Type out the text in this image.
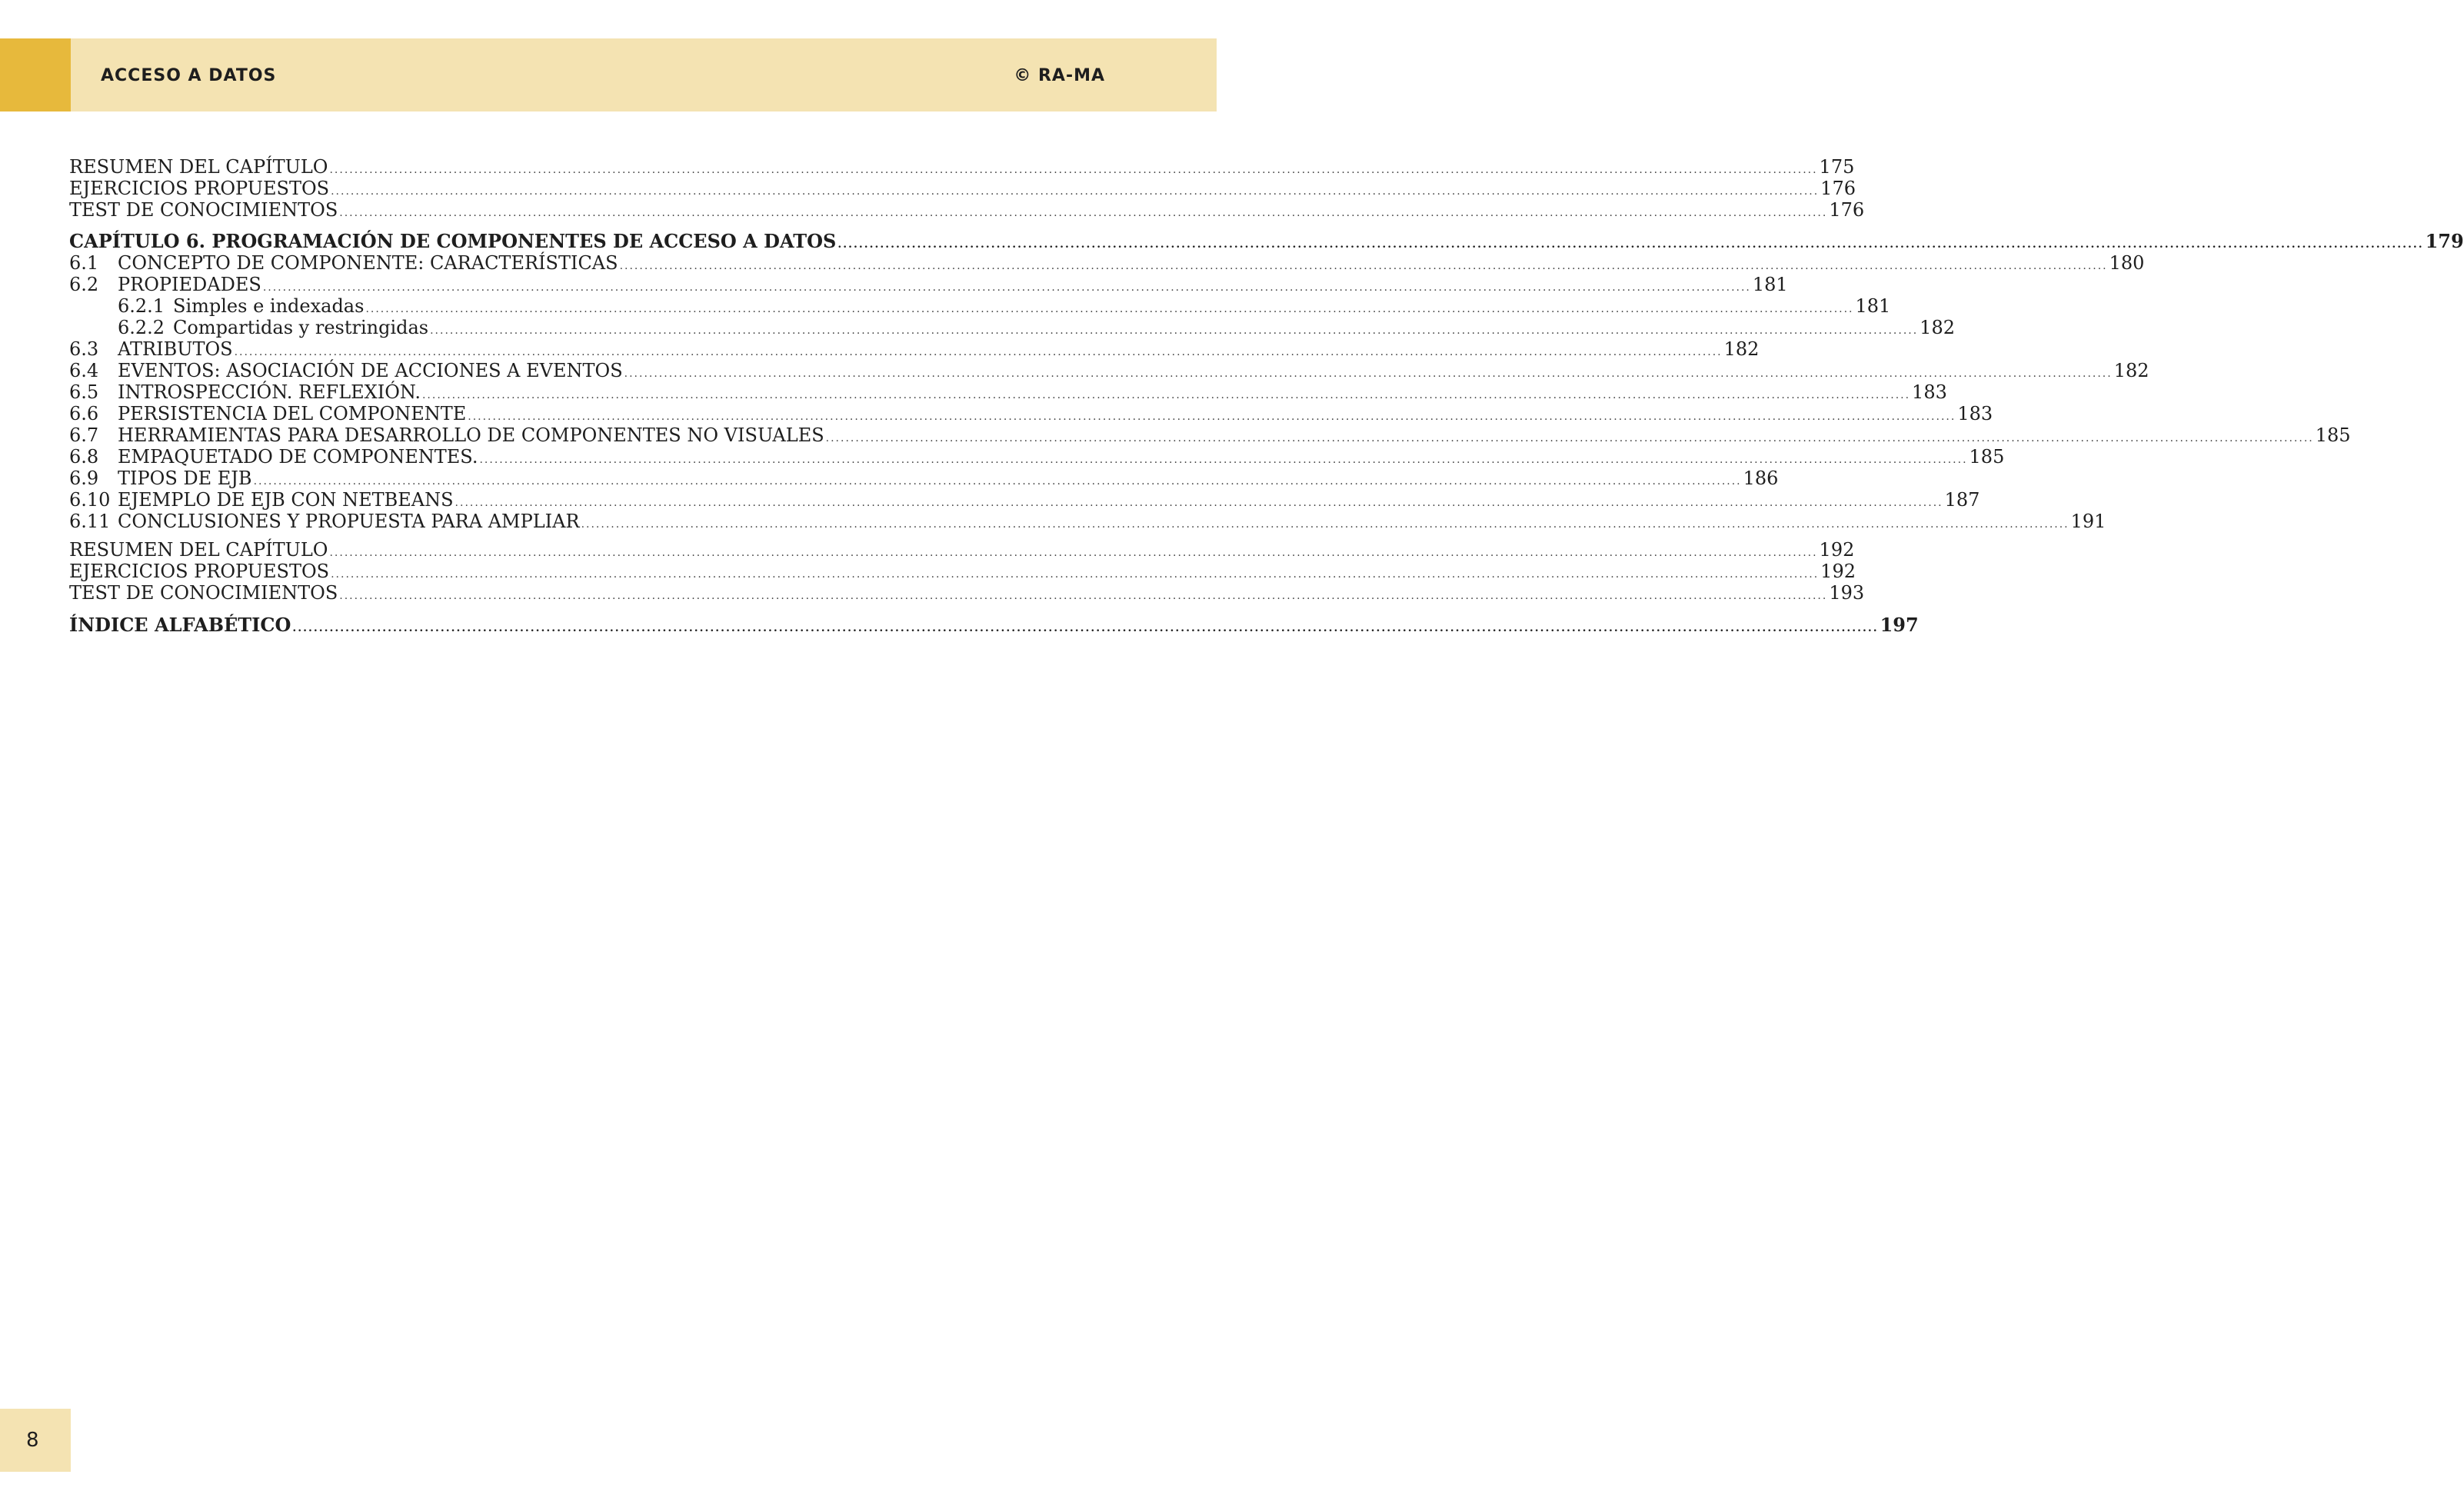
ACCESO A DATOS	© RA-MA
RESUMEN DEL CAPÍTULO ............................................................................................................................................................................................................................................................................................................ 175
EJERCICIOS PROPUESTOS ............................................................................................................................................................................................................................................................................................................ 176
TEST DE CONOCIMIENTOS ............................................................................................................................................................................................................................................................................................................ 176
CAPÍTULO 6. PROGRAMACIÓN DE COMPONENTES DE ACCESO A DATOS ............................................................................................................................................................................................................................................................................................................ 179
6.1	CONCEPTO DE COMPONENTE: CARACTERÍSTICAS ............................................................................................................................................................................................................................................................................................................ 180
6.2	PROPIEDADES ............................................................................................................................................................................................................................................................................................................ 181
6.2.1 Simples e indexadas ............................................................................................................................................................................................................................................................................................................ 181
6.2.2 Compartidas y restringidas ............................................................................................................................................................................................................................................................................................................ 182
6.3	ATRIBUTOS ............................................................................................................................................................................................................................................................................................................ 182
6.4	EVENTOS: ASOCIACIÓN DE ACCIONES A EVENTOS ............................................................................................................................................................................................................................................................................................................ 182
6.5	INTROSPECCIÓN. REFLEXIÓN. ............................................................................................................................................................................................................................................................................................................ 183
6.6	PERSISTENCIA DEL COMPONENTE ............................................................................................................................................................................................................................................................................................................ 183
6.7	HERRAMIENTAS PARA DESARROLLO DE COMPONENTES NO VISUALES ............................................................................................................................................................................................................................................................................................................ 185
6.8	EMPAQUETADO DE COMPONENTES. ............................................................................................................................................................................................................................................................................................................ 185
6.9	TIPOS DE EJB ............................................................................................................................................................................................................................................................................................................ 186
6.10 EJEMPLO DE EJB CON NETBEANS ............................................................................................................................................................................................................................................................................................................ 187
6.11 CONCLUSIONES Y PROPUESTA PARA AMPLIAR ............................................................................................................................................................................................................................................................................................................ 191
RESUMEN DEL CAPÍTULO ............................................................................................................................................................................................................................................................................................................ 192
EJERCICIOS PROPUESTOS ............................................................................................................................................................................................................................................................................................................ 192
TEST DE CONOCIMIENTOS ............................................................................................................................................................................................................................................................................................................ 193
ÍNDICE ALFABÉTICO ............................................................................................................................................................................................................................................................................................................ 197
8
